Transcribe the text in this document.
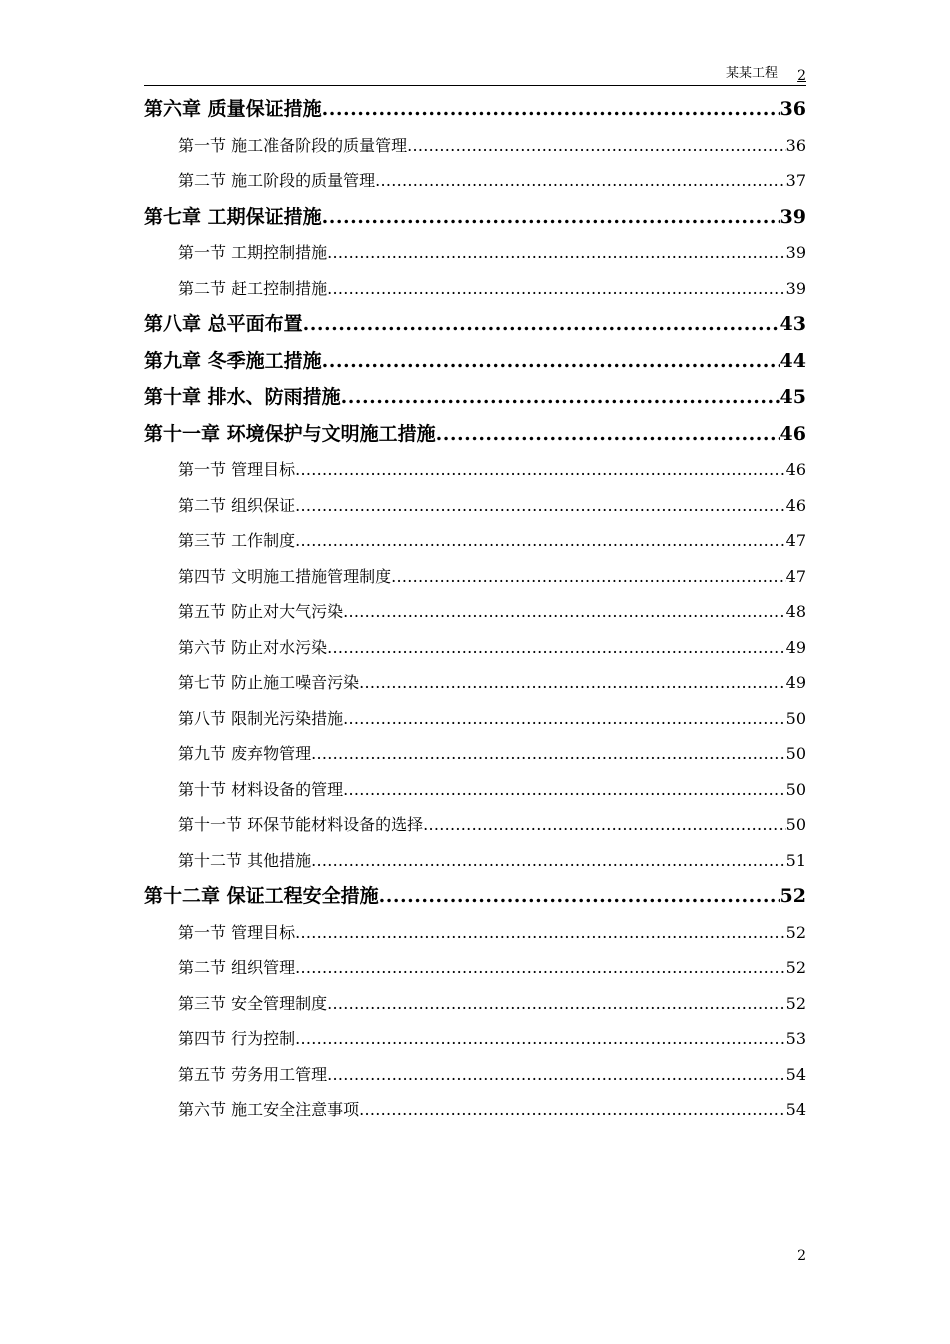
某某工程 2
第六章 质量保证措施 .....	36
第一节 施工准备阶段的质量管理 .....	36
第二节 施工阶段的质量管理 .....	37
第七章 工期保证措施 .....	39
第一节 工期控制措施 .....	39
第二节 赶工控制措施 .....	39
第八章 总平面布置 .....	43
第九章 冬季施工措施 .....	44
第十章 排水、防雨措施 .....	45
第十一章 环境保护与文明施工措施 .....	46
第一节 管理目标 .....	46
第二节 组织保证 .....	46
第三节 工作制度 .....	47
第四节 文明施工措施管理制度 .....	47
第五节 防止对大气污染 .....	48
第六节 防止对水污染 .....	49
第七节 防止施工噪音污染 .....	49
第八节 限制光污染措施 .....	50
第九节 废弃物管理 .....	50
第十节 材料设备的管理 .....	50
第十一节 环保节能材料设备的选择 .....	50
第十二节 其他措施 .....	51
第十二章 保证工程安全措施 .....	52
第一节 管理目标 .....	52
第二节 组织管理 .....	52
第三节 安全管理制度 .....	52
第四节 行为控制 .....	53
第五节 劳务用工管理 .....	54
第六节 施工安全注意事项 .....	54
2
